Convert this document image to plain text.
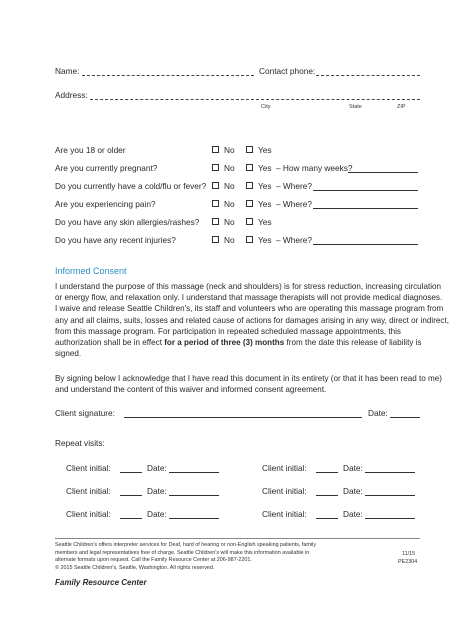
Name:	Contact phone:
Address:
City	State	ZIP
Are you 18 or older	No	Yes
Are you currently pregnant?	No	Yes – How many weeks?
Do you currently have a cold/flu or fever? No	Yes – Where?
Are you experiencing pain?	No	Yes – Where?
Do you have any skin allergies/rashes?	No	Yes
Do you have any recent injuries?	No	Yes – Where?
Informed Consent
I understand the purpose of this massage (neck and shoulders) is for stress reduction, increasing circulation
or energy flow, and relaxation only. I understand that massage therapists will not provide medical diagnoses.
I waive and release Seattle Children's, its staff and volunteers who are operating this massage program from
any and all claims, suits, losses and related cause of actions for damages arising in any way, direct or indirect,
from this massage program. For participation in repeated scheduled massage appointments, this
authorization shall be in effect for a period of three (3) months from the date this release of liability is
signed.
By signing below I acknowledge that I have read this document in its entirety (or that it has been read to me)
and understand the content of this waiver and informed consent agreement.
Client signature:	Date:
Repeat visits:
Client initial:	Date:	Client initial:	Date:
Client initial:	Date:	Client initial:	Date:
Client initial:	Date:	Client initial:	Date:
Seattle Children's offers interpreter services for Deaf, hard of hearing or non-English speaking patients, family
members and legal representatives free of charge. Seattle Children's will make this information available in
alternate formats upon request. Call the Family Resource Center at 206-987-2201.
© 2015 Seattle Children's, Seattle, Washington. All rights reserved.
11/15
PE2304
Family Resource Center
